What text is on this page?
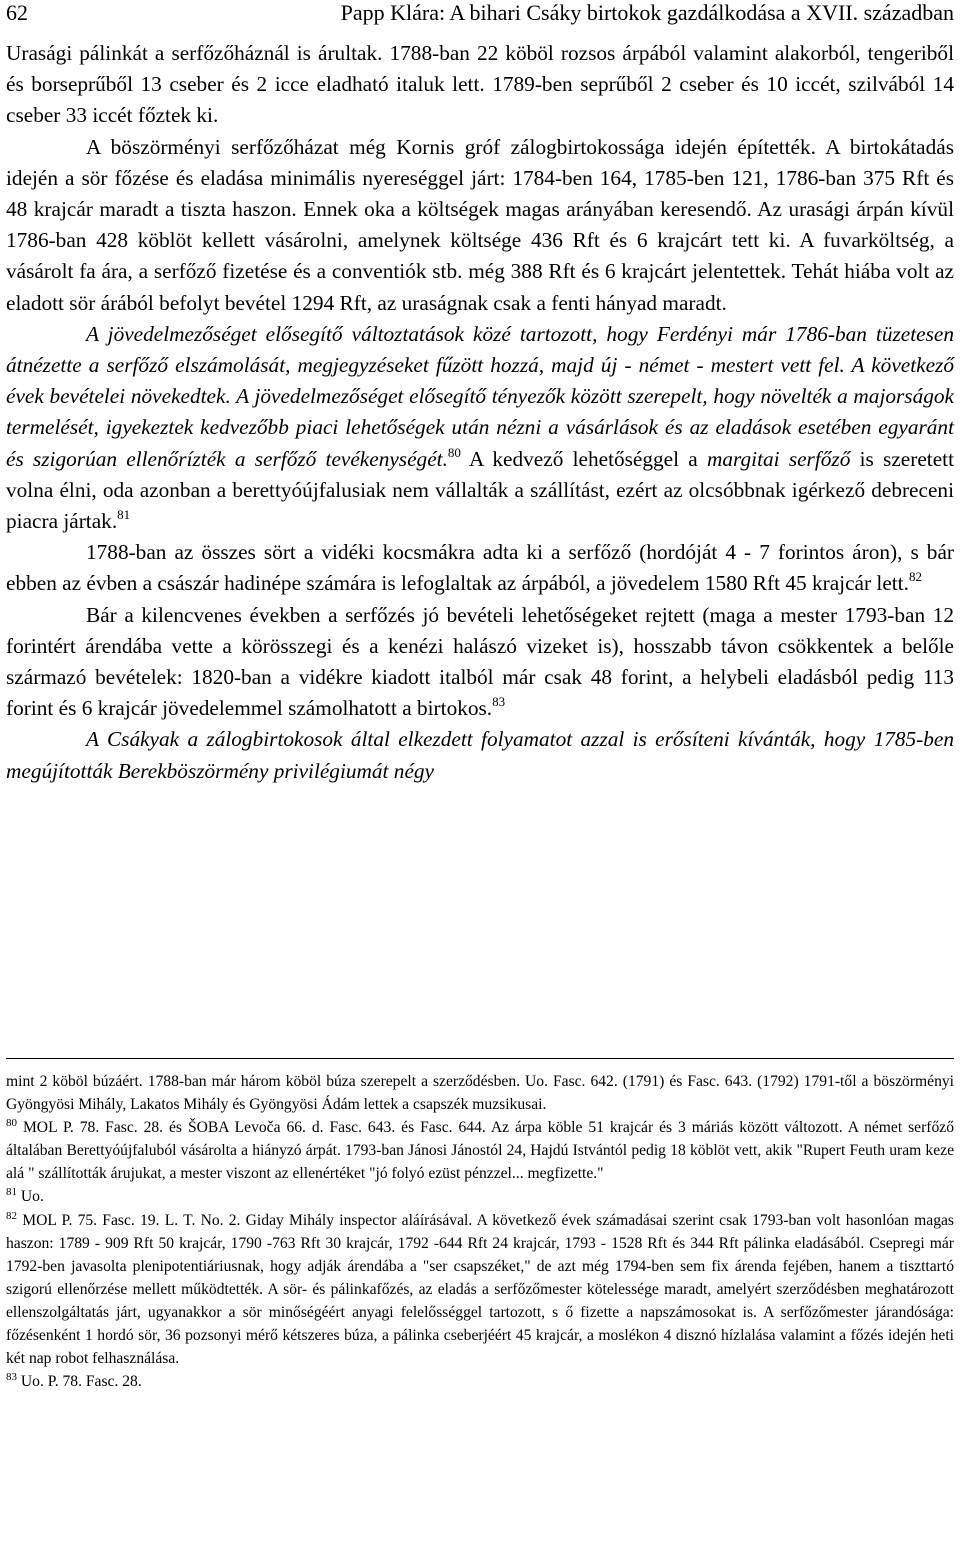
62	Papp Klára: A bihari Csáky birtokok gazdálkodása a XVII. században

Urasági pálinkát a serfőzőháznál is árultak. 1788-ban 22 köböl rozsos árpából valamint alakorból, tengeriből és borseprűből 13 cseber és 2 icce eladható italuk lett. 1789-ben seprűből 2 cseber és 10 iccét, szilvából 14 cseber 33 iccét főztek ki.

A böszörményi serfőzőházat még Kornis gróf zálogbirtokossága idején építették. A birtokátadás idején a sör főzése és eladása minimális nyereséggel járt: 1784-ben 164, 1785-ben 121, 1786-ban 375 Rft és 48 krajcár maradt a tiszta haszon. Ennek oka a költségek magas arányában keresendő. Az urasági árpán kívül 1786-ban 428 köblöt kellett vásárolni, amelynek költsége 436 Rft és 6 krajcárt tett ki. A fuvarköltség, a vásárolt fa ára, a serfőző fizetése és a conventiók stb. még 388 Rft és 6 krajcárt jelentettek. Tehát hiába volt az eladott sör árából befolyt bevétel 1294 Rft, az uraságnak csak a fenti hányad maradt.

A jövedelmezőséget elősegítő változtatások közé tartozott, hogy Ferdényi már 1786-ban tüzetesen átnézette a serfőző elszámolását, megjegyzéseket fűzött hozzá, majd új - német - mestert vett fel. A következő évek bevételei növekedtek. A jövedelmezőséget elősegítő tényezők között szerepelt, hogy növelték a majorságok termelését, igyekeztek kedvezőbb piaci lehetőségek után nézni a vásárlások és az eladások esetében egyaránt és szigorúan ellenőrízték a serfőző tevékenységét.$^{80}$ A kedvező lehetőséggel a margitai serfőző is szeretett volna élni, oda azonban a berettyóújfalusiak nem vállalták a szállítást, ezért az olcsóbbnak igérkező debreceni piacra jártak.$^{81}$

1788-ban az összes sört a vidéki kocsmákra adta ki a serfőző (hordóját 4 - 7 forintos áron), s bár ebben az évben a császár hadinépe számára is lefoglaltak az árpából, a jövedelem 1580 Rft 45 krajcár lett.$^{82}$

Bár a kilencvenes években a serfőzés jó bevételi lehetőségeket rejtett (maga a mester 1793-ban 12 forintért árendába vette a körösszegi és a kenézi halászó vizeket is), hosszabb távon csökkentek a belőle származó bevételek: 1820-ban a vidékre kiadott italból már csak 48 forint, a helybeli eladásból pedig 113 forint és 6 krajcár jövedelemmel számolhatott a birtokos.$^{83}$

A Csákyak a zálogbirtokosok által elkezdett folyamatot azzal is erősíteni kívánták, hogy 1785-ben megújították Berekböszörmény privilégiumát négy

mint 2 köböl búzáért. 1788-ban már három köböl búza szerepelt a szerződésben. Uo. Fasc. 642. (1791) és Fasc. 643. (1792) 1791-től a böszörményi Gyöngyösi Mihály, Lakatos Mihály és Gyöngyösi Ádám lettek a csapszék muzsikusai.

$^{80}$ MOL P. 78. Fasc. 28. és ŠOBA Levoča 66. d. Fasc. 643. és Fasc. 644. Az árpa köble 51 krajcár és 3 máriás között változott. A német serfőző általában Berettyóújfaluból vásárolta a hiányzó árpát. 1793-ban Jánosi Jánostól 24, Hajdú Istvántól pedig 18 köblöt vett, akik "Rupert Feuth uram keze alá " szállították árujukat, a mester viszont az ellenértéket "jó folyó ezüst pénzzel... megfizette."

$^{81}$ Uo.

$^{82}$ MOL P. 75. Fasc. 19. L. T. No. 2. Giday Mihály inspector aláírásával. A következő évek számadásai szerint csak 1793-ban volt hasonlóan magas haszon: 1789 - 909 Rft 50 krajcár, 1790 -763 Rft 30 krajcár, 1792 -644 Rft 24 krajcár, 1793 - 1528 Rft és 344 Rft pálinka eladásából. Csepregi már 1792-ben javasolta plenipotentiáriusnak, hogy adják árendába a "ser csapszéket," de azt még 1794-ben sem fix árenda fejében, hanem a tiszttartó szigorú ellenőrzése mellett működtették. A sör- és pálinkafőzés, az eladás a serfőzőmester kötelessége maradt, amelyért szerződésben meghatározott ellenszolgáltatás járt, ugyanakkor a sör minőségéért anyagi felelősséggel tartozott, s ő fizette a napszámosokat is. A serfőzőmester járandósága: főzésenként 1 hordó sör, 36 pozsonyi mérő kétszeres búza, a pálinka cseberjéért 45 krajcár, a moslékon 4 disznó hízlalása valamint a főzés idején heti két nap robot felhasználása.

$^{83}$ Uo. P. 78. Fasc. 28.
